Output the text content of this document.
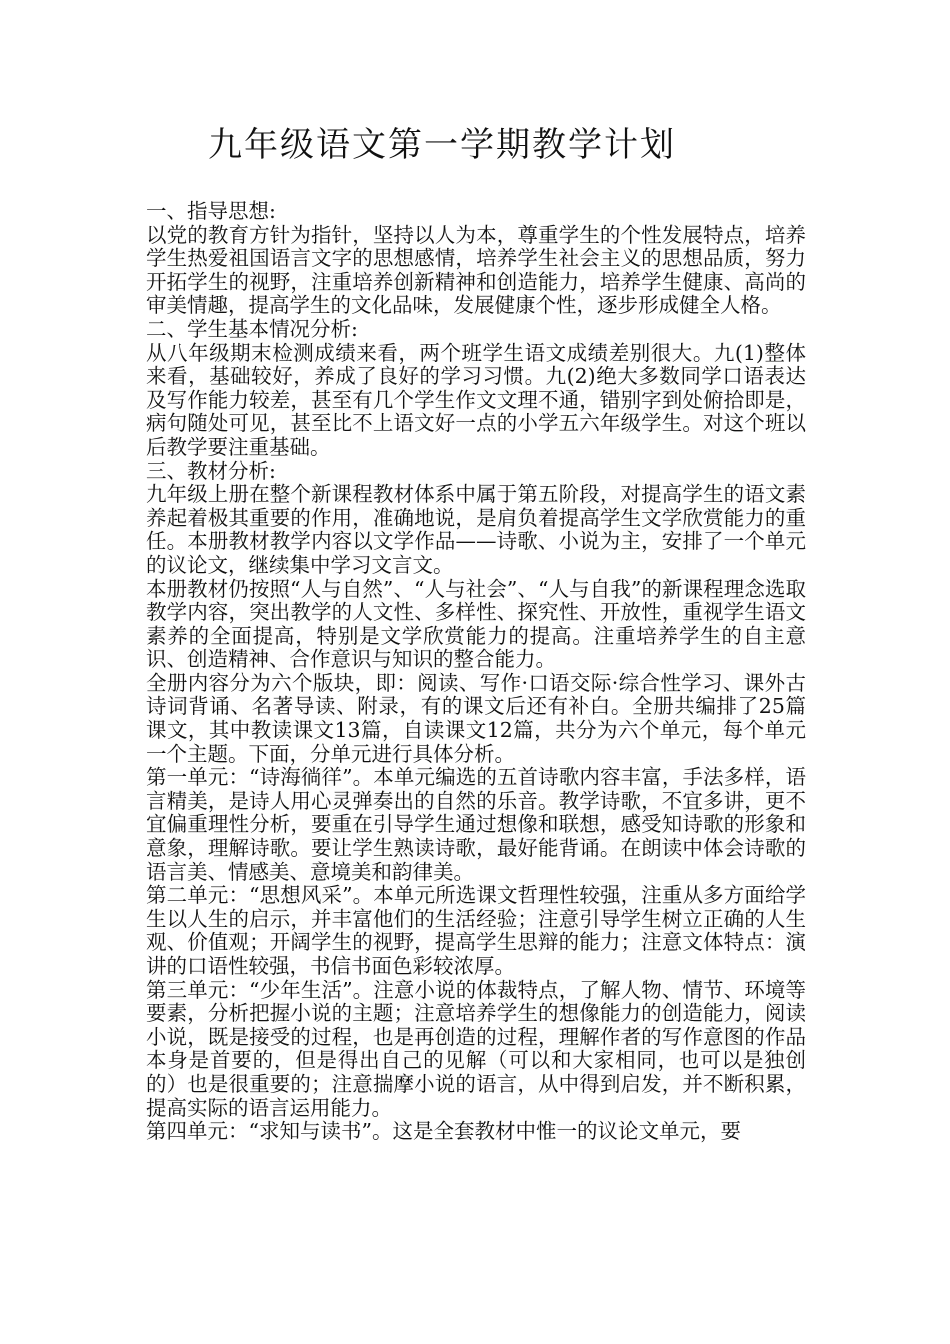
九年级语文第一学期教学计划

一、指导思想:

以党的教育方针为指针，坚持以人为本，尊重学生的个性发展特点，培养学生热爱祖国语言文字的思想感情，培养学生社会主义的思想品质，努力开拓学生的视野，注重培养创新精神和创造能力，培养学生健康、高尚的审美情趣，提高学生的文化品味，发展健康个性，逐步形成健全人格。

二、学生基本情况分析:

从八年级期末检测成绩来看，两个班学生语文成绩差别很大。九(1)整体来看，基础较好，养成了良好的学习习惯。九(2)绝大多数同学口语表达及写作能力较差，甚至有几个学生作文文理不通，错别字到处俯拾即是，病句随处可见，甚至比不上语文好一点的小学五六年级学生。对这个班以后教学要注重基础。

三、教材分析:

九年级上册在整个新课程教材体系中属于第五阶段，对提高学生的语文素养起着极其重要的作用，准确地说，是肩负着提高学生文学欣赏能力的重任。本册教材教学内容以文学作品——诗歌、小说为主，安排了一个单元的议论文，继续集中学习文言文。

本册教材仍按照“人与自然”、“人与社会”、“人与自我”的新课程理念选取教学内容，突出教学的人文性、多样性、探究性、开放性，重视学生语文素养的全面提高，特别是文学欣赏能力的提高。注重培养学生的自主意识、创造精神、合作意识与知识的整合能力。

全册内容分为六个版块，即：阅读、写作·口语交际·综合性学习、课外古诗词背诵、名著导读、附录，有的课文后还有补白。全册共编排了25篇课文，其中教读课文13篇，自读课文12篇，共分为六个单元，每个单元一个主题。下面，分单元进行具体分析。

第一单元：“诗海徜徉”。本单元编选的五首诗歌内容丰富，手法多样，语言精美，是诗人用心灵弹奏出的自然的乐音。教学诗歌，不宜多讲，更不宜偏重理性分析，要重在引导学生通过想像和联想，感受知诗歌的形象和意象，理解诗歌。要让学生熟读诗歌，最好能背诵。在朗读中体会诗歌的语言美、情感美、意境美和韵律美。

第二单元：“思想风采”。本单元所选课文哲理性较强，注重从多方面给学生以人生的启示，并丰富他们的生活经验；注意引导学生树立正确的人生观、价值观；开阔学生的视野，提高学生思辩的能力；注意文体特点：演讲的口语性较强，书信书面色彩较浓厚。

第三单元：“少年生活”。注意小说的体裁特点，了解人物、情节、环境等要素，分析把握小说的主题；注意培养学生的想像能力的创造能力，阅读小说，既是接受的过程，也是再创造的过程，理解作者的写作意图的作品本身是首要的，但是得出自己的见解（可以和大家相同，也可以是独创的）也是很重要的；注意揣摩小说的语言，从中得到启发，并不断积累，提高实际的语言运用能力。

第四单元：“求知与读书”。这是全套教材中惟一的议论文单元，要
